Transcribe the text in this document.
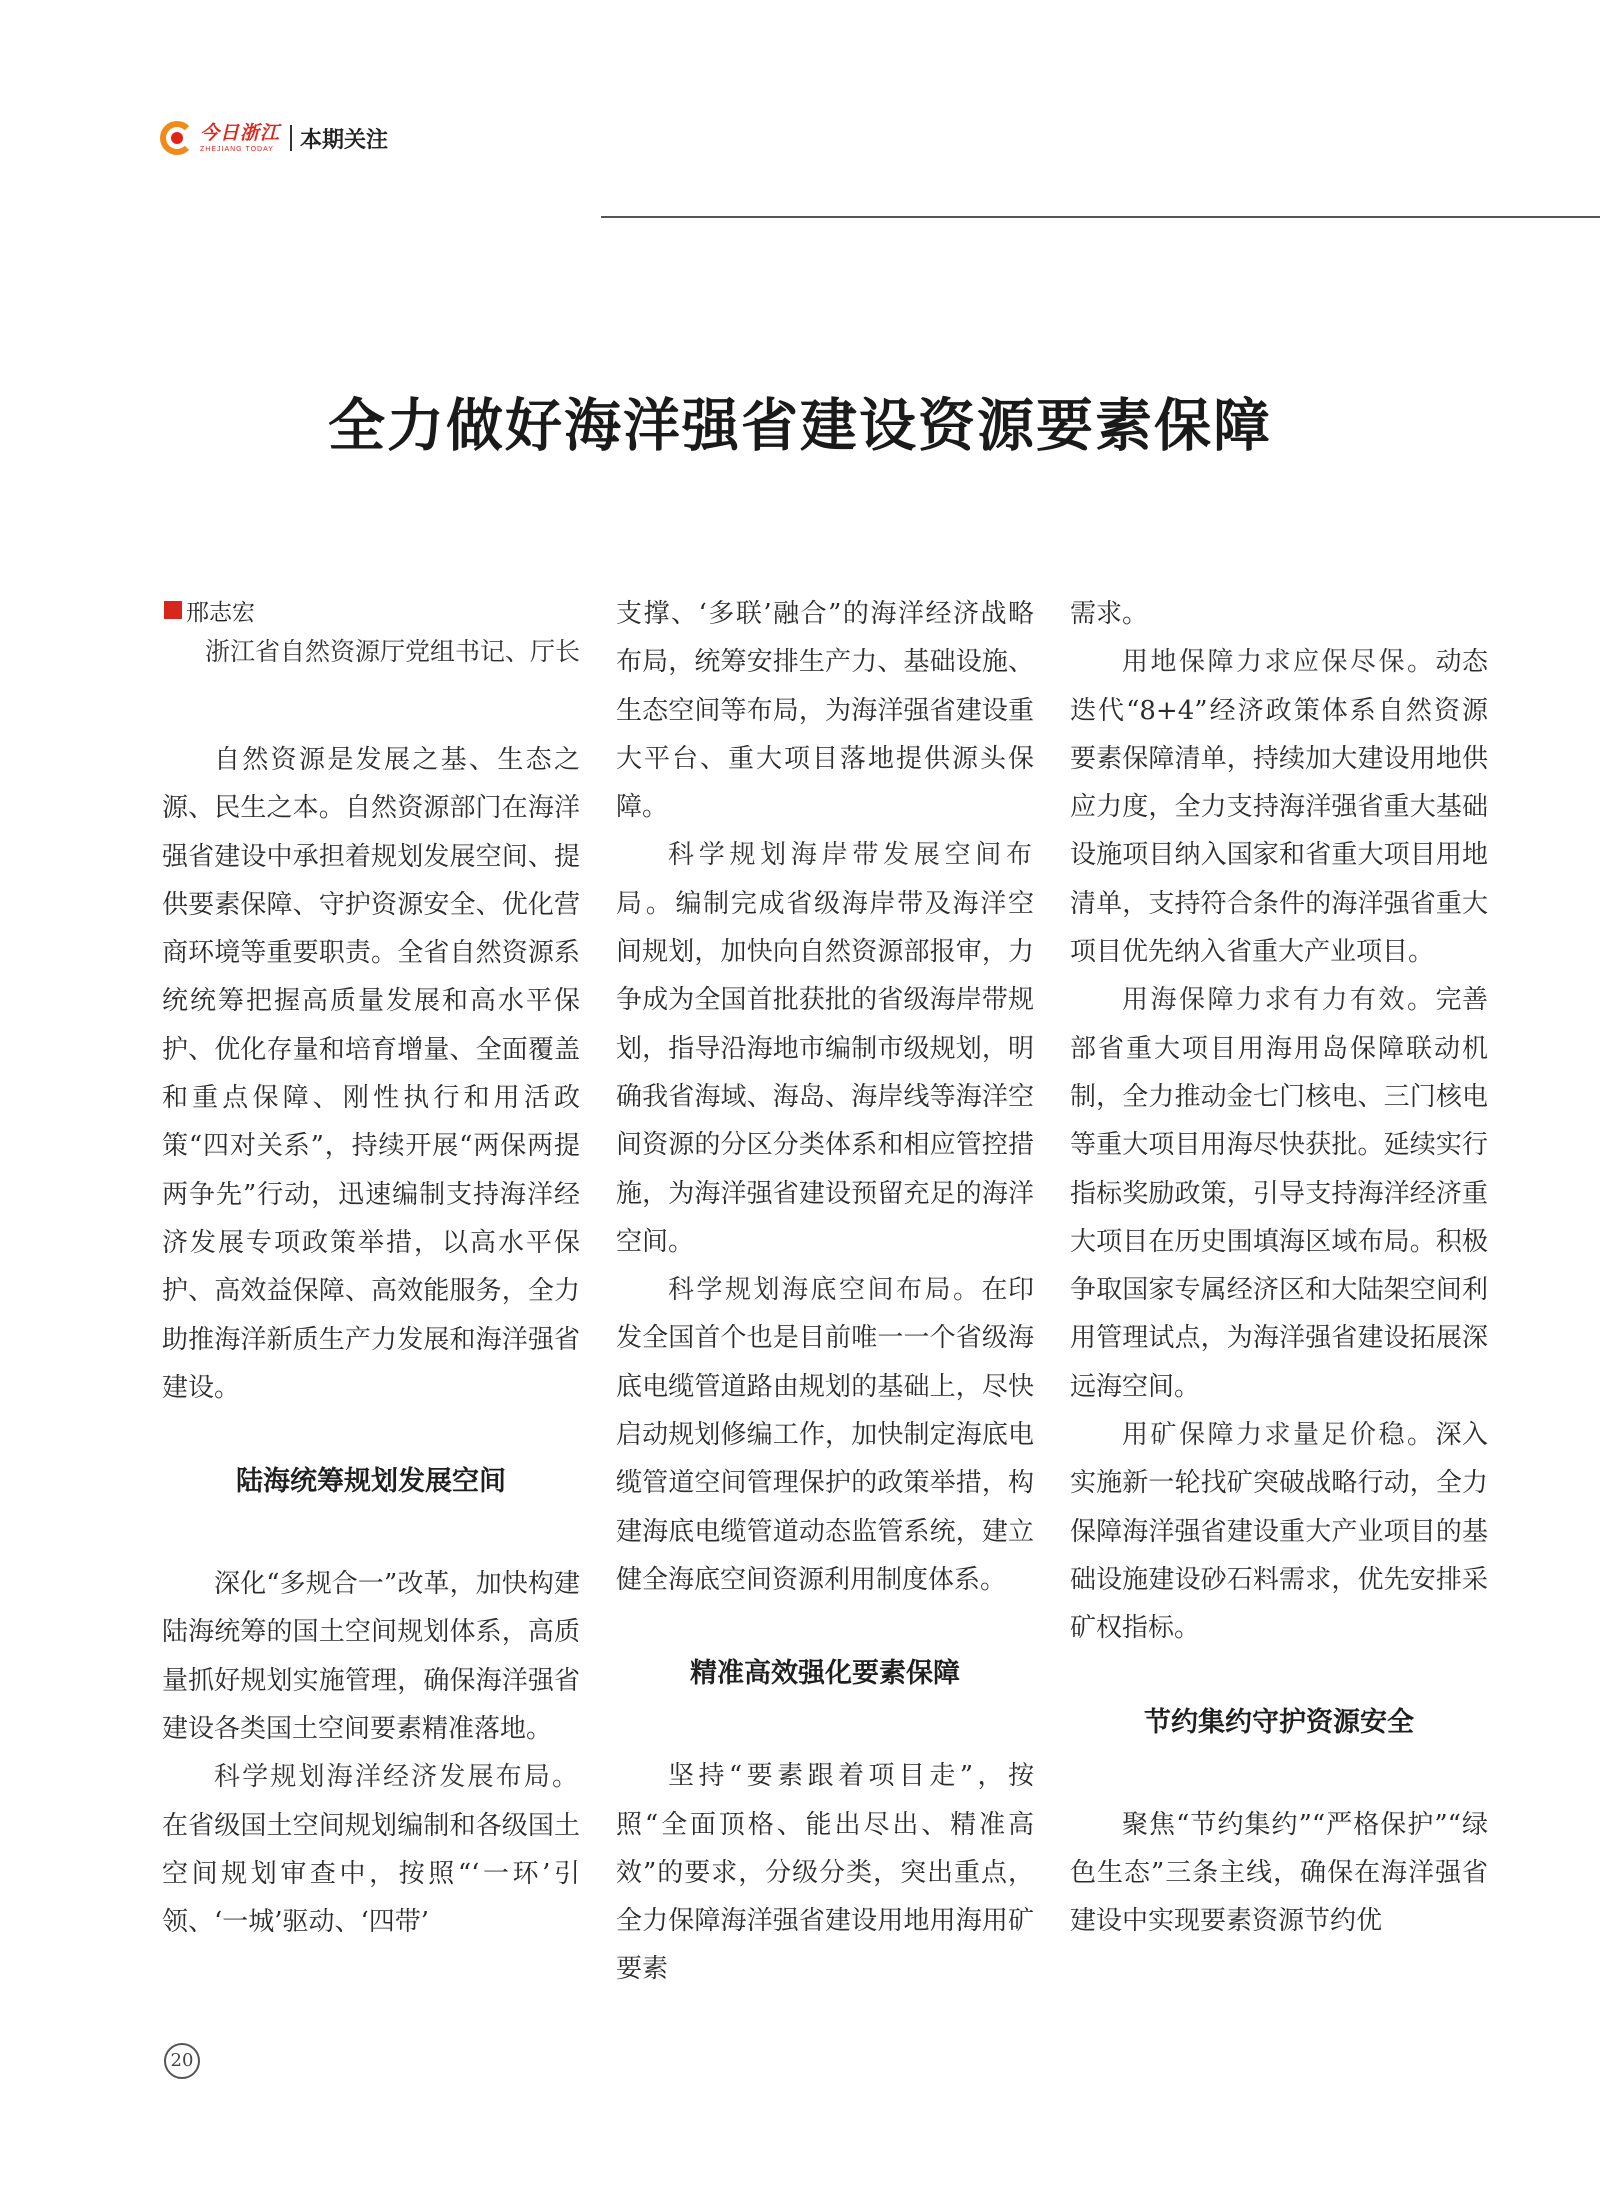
今日浙江
ZHEJIANG TODAY 本期关注
全力做好海洋强省建设资源要素保障
邢志宏
浙江省自然资源厅党组书记、厅长

自然资源是发展之基、生态之源、民生之本。自然资源部门在海洋强省建设中承担着规划发展空间、提供要素保障、守护资源安全、优化营商环境等重要职责。全省自然资源系统统筹把握高质量发展和高水平保护、优化存量和培育增量、全面覆盖和重点保障、刚性执行和用活政策“四对关系”，持续开展“两保两提两争先”行动，迅速编制支持海洋经济发展专项政策举措，以高水平保护、高效益保障、高效能服务，全力助推海洋新质生产力发展和海洋强省建设。

陆海统筹规划发展空间

深化“多规合一”改革，加快构建陆海统筹的国土空间规划体系，高质量抓好规划实施管理，确保海洋强省建设各类国土空间要素精准落地。

科学规划海洋经济发展布局。在省级国土空间规划编制和各级国土空间规划审查中，按照“‘一环’引领、‘一城’驱动、‘四带’

支撑、‘多联’融合”的海洋经济战略布局，统筹安排生产力、基础设施、生态空间等布局，为海洋强省建设重大平台、重大项目落地提供源头保障。

科学规划海岸带发展空间布局。编制完成省级海岸带及海洋空间规划，加快向自然资源部报审，力争成为全国首批获批的省级海岸带规划，指导沿海地市编制市级规划，明确我省海域、海岛、海岸线等海洋空间资源的分区分类体系和相应管控措施，为海洋强省建设预留充足的海洋空间。

科学规划海底空间布局。在印发全国首个也是目前唯一一个省级海底电缆管道路由规划的基础上，尽快启动规划修编工作，加快制定海底电缆管道空间管理保护的政策举措，构建海底电缆管道动态监管系统，建立健全海底空间资源利用制度体系。

精准高效强化要素保障

坚持“要素跟着项目走”，按照“全面顶格、能出尽出、精准高效”的要求，分级分类，突出重点，全力保障海洋强省建设用地用海用矿要素

需求。

用地保障力求应保尽保。动态迭代“8+4”经济政策体系自然资源要素保障清单，持续加大建设用地供应力度，全力支持海洋强省重大基础设施项目纳入国家和省重大项目用地清单，支持符合条件的海洋强省重大项目优先纳入省重大产业项目。

用海保障力求有力有效。完善部省重大项目用海用岛保障联动机制，全力推动金七门核电、三门核电等重大项目用海尽快获批。延续实行指标奖励政策，引导支持海洋经济重大项目在历史围填海区域布局。积极争取国家专属经济区和大陆架空间利用管理试点，为海洋强省建设拓展深远海空间。

用矿保障力求量足价稳。深入实施新一轮找矿突破战略行动，全力保障海洋强省建设重大产业项目的基础设施建设砂石料需求，优先安排采矿权指标。

节约集约守护资源安全

聚焦“节约集约”“严格保护”“绿色生态”三条主线，确保在海洋强省建设中实现要素资源节约优

20
